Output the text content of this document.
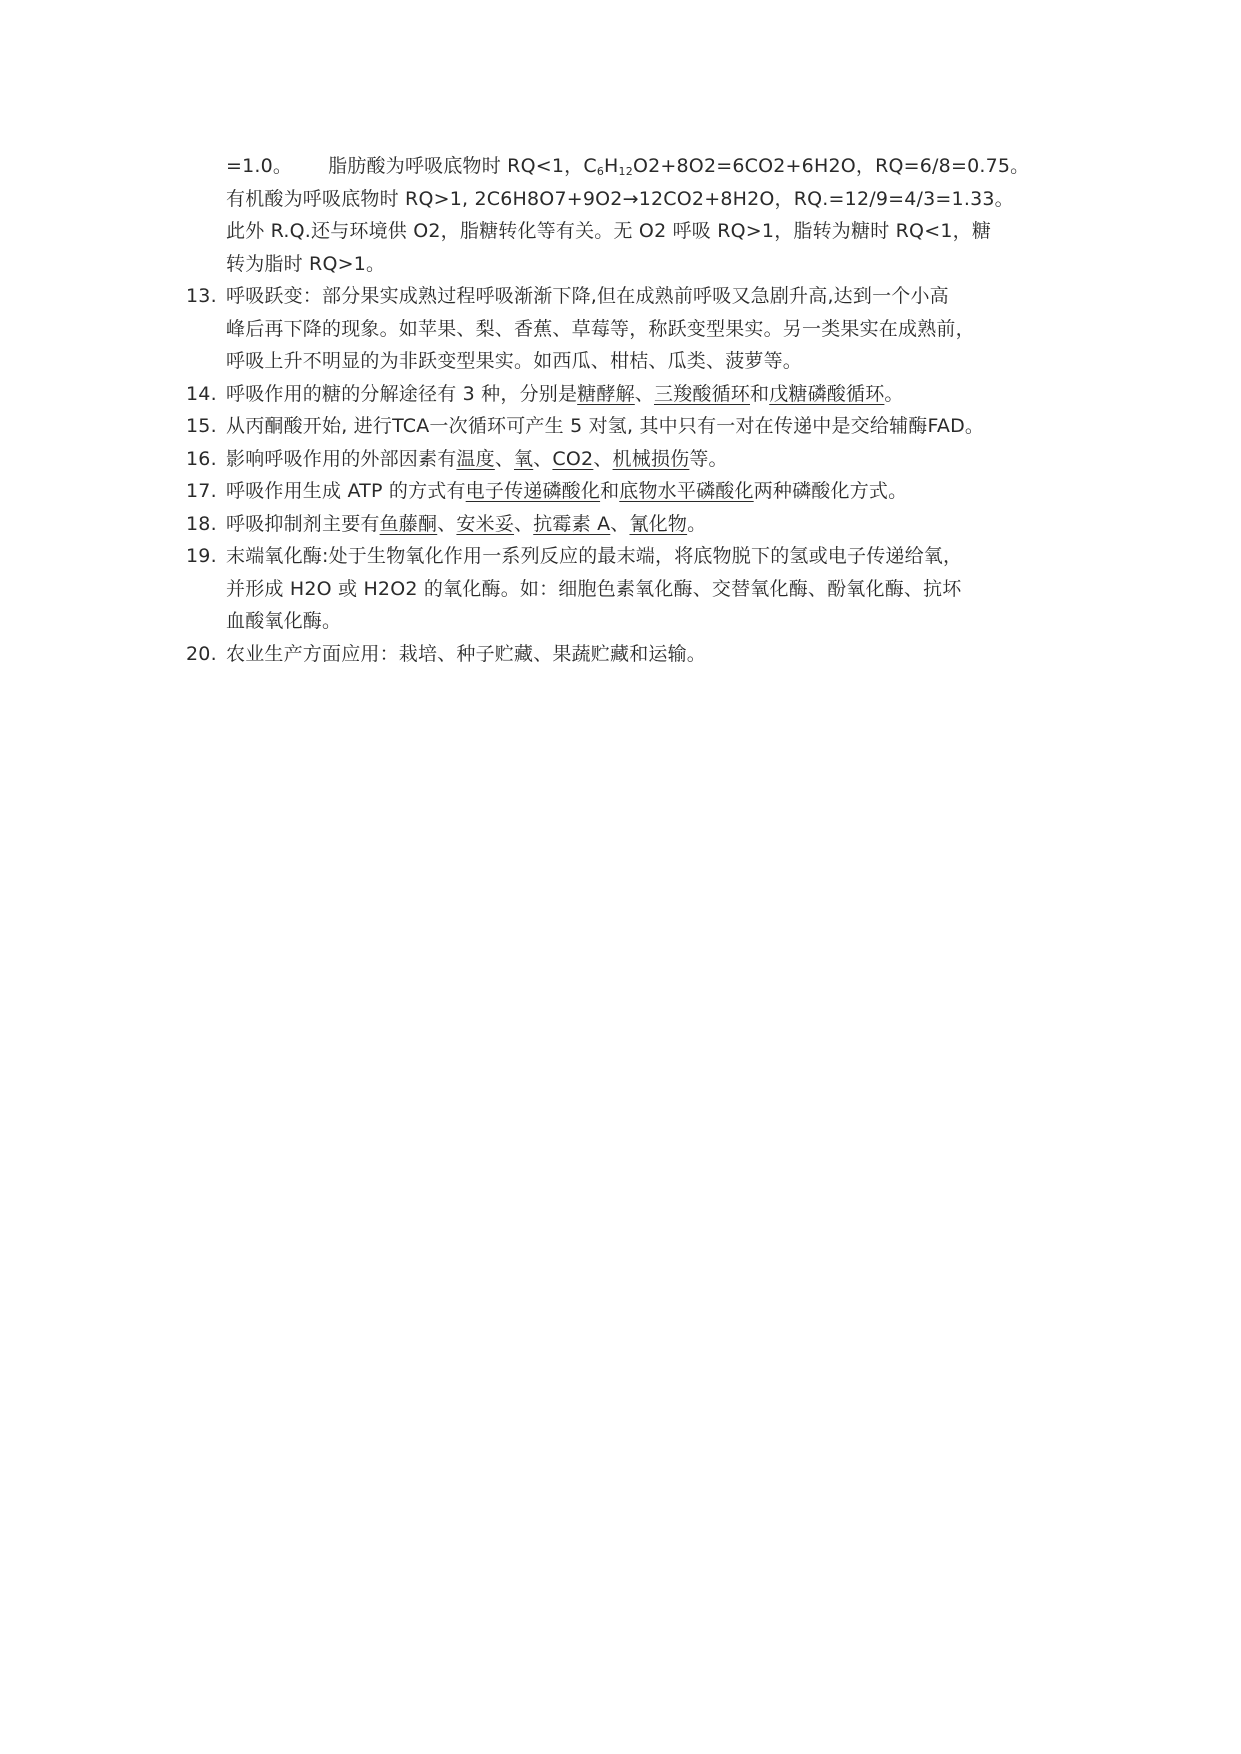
=1.0。 脂肪酸为呼吸底物时 RQ<1，$C_6H_{12}O2+8O2=6CO2+6H2O$，RQ=6/8=0.75。
有机酸为呼吸底物时 RQ>1, 2C6H8O7+9O2→12CO2+8H2O，RQ.=12/9=4/3=1.33。
此外 R.Q.还与环境供 O2，脂糖转化等有关。无 O2 呼吸 RQ>1，脂转为糖时 RQ<1，糖
转为脂时 RQ>1。
13. 呼吸跃变：部分果实成熟过程呼吸渐渐下降,但在成熟前呼吸又急剧升高,达到一个小高
峰后再下降的现象。如苹果、梨、香蕉、草莓等，称跃变型果实。另一类果实在成熟前，
呼吸上升不明显的为非跃变型果实。如西瓜、柑桔、瓜类、菠萝等。
14. 呼吸作用的糖的分解途径有 3 种，分别是糖酵解、三羧酸循环和戊糖磷酸循环。
15. 从丙酮酸开始, 进行TCA一次循环可产生 5 对氢, 其中只有一对在传递中是交给辅酶FAD。
16. 影响呼吸作用的外部因素有温度、氧、CO2、机械损伤等。
17. 呼吸作用生成 ATP 的方式有电子传递磷酸化和底物水平磷酸化两种磷酸化方式。
18. 呼吸抑制剂主要有鱼藤酮、安米妥、抗霉素 A、氰化物。
19. 末端氧化酶:处于生物氧化作用一系列反应的最末端，将底物脱下的氢或电子传递给氧，
并形成 H2O 或 H2O2 的氧化酶。如：细胞色素氧化酶、交替氧化酶、酚氧化酶、抗坏
血酸氧化酶。
20. 农业生产方面应用：栽培、种子贮藏、果蔬贮藏和运输。
